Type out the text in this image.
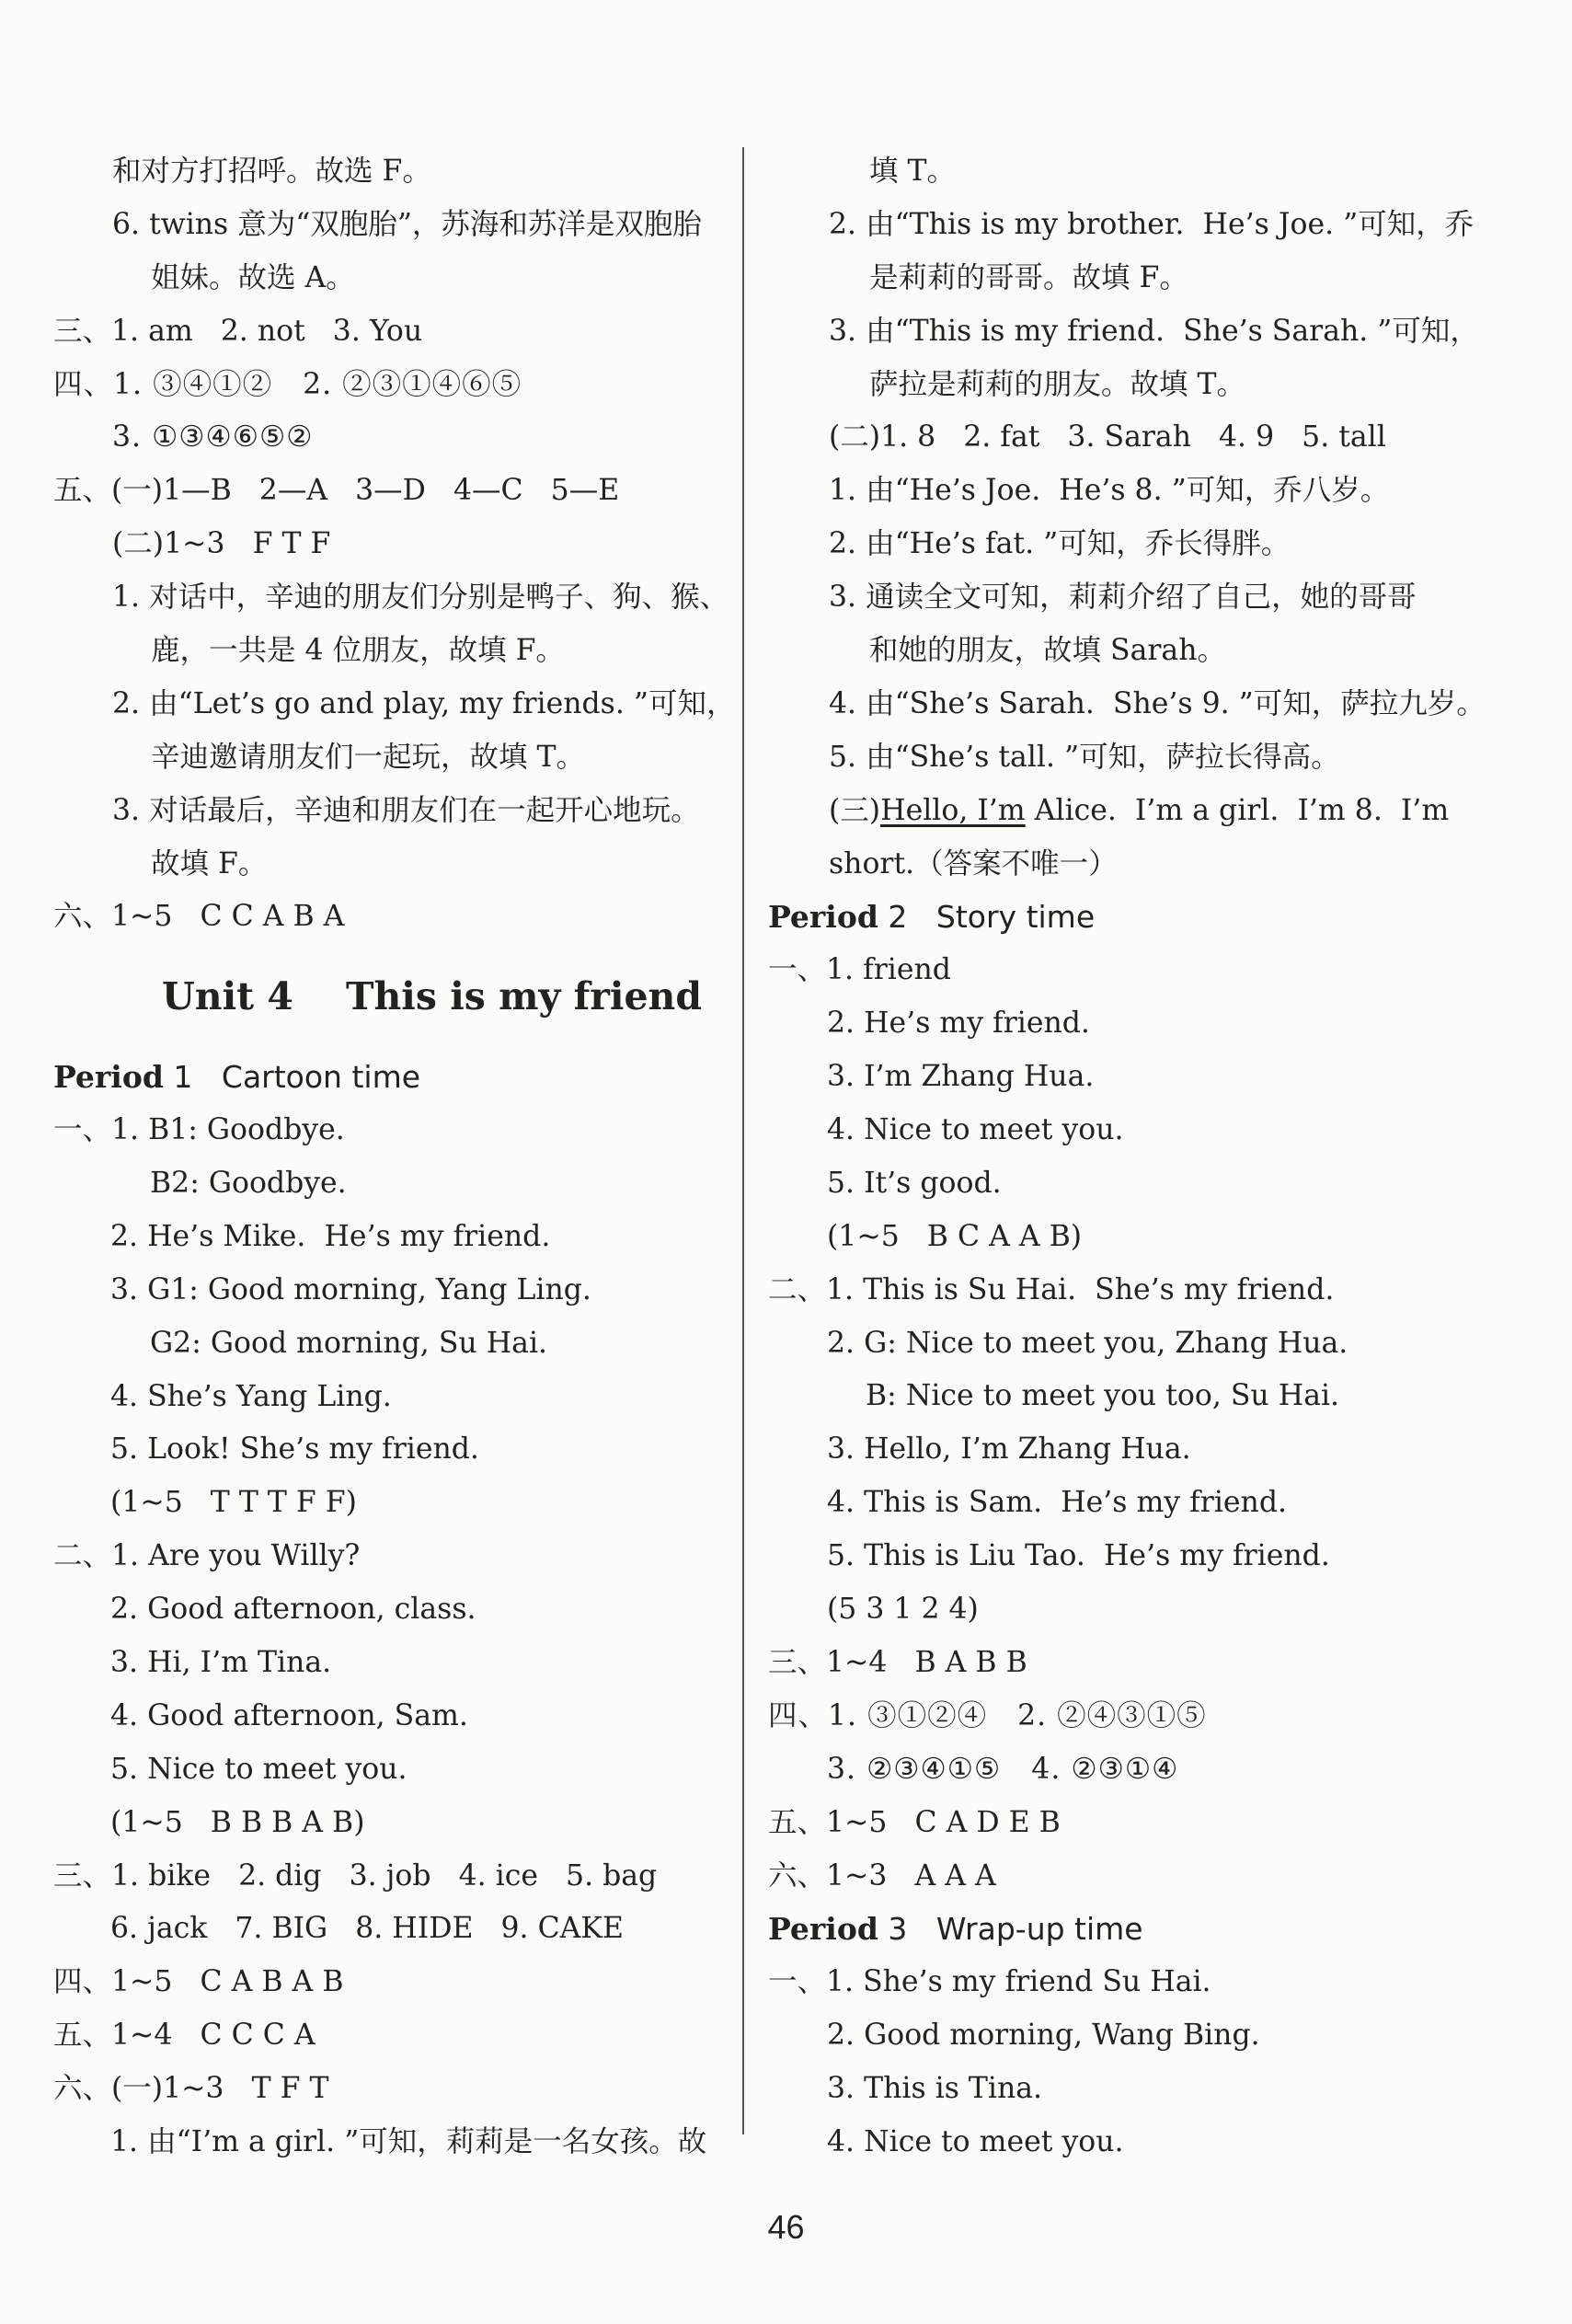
和对方打招呼。故选 F。
6. twins 意为“双胞胎”，苏海和苏洋是双胞胎
姐妹。故选 A。
三、1. am   2. not   3. You
四、1. ③④①②   2. ②③①④⑥⑤
3. ①③④⑥⑤②
五、(一)1—B   2—A   3—D   4—C   5—E
(二)1~3   F T F
1. 对话中，辛迪的朋友们分别是鸭子、狗、猴、
鹿，一共是 4 位朋友，故填 F。
2. 由“Let’s go and play, my friends. ”可知，
辛迪邀请朋友们一起玩，故填 T。
3. 对话最后，辛迪和朋友们在一起开心地玩。
故填 F。
六、1~5   C C A B A
Unit 4    This is my friend
Period 1   Cartoon time
一、1. B1: Goodbye.
B2: Goodbye.
2. He’s Mike.  He’s my friend.
3. G1: Good morning, Yang Ling.
G2: Good morning, Su Hai.
4. She’s Yang Ling.
5. Look! She’s my friend.
(1~5   T T T F F)
二、1. Are you Willy?
2. Good afternoon, class.
3. Hi, I’m Tina.
4. Good afternoon, Sam.
5. Nice to meet you.
(1~5   B B B A B)
三、1. bike   2. dig   3. job   4. ice   5. bag
6. jack   7. BIG   8. HIDE   9. CAKE
四、1~5   C A B A B
五、1~4   C C C A
六、(一)1~3   T F T
1. 由“I’m a girl. ”可知，莉莉是一名女孩。故
填 T。
2. 由“This is my brother.  He’s Joe. ”可知，乔
是莉莉的哥哥。故填 F。
3. 由“This is my friend.  She’s Sarah. ”可知，
萨拉是莉莉的朋友。故填 T。
(二)1. 8   2. fat   3. Sarah   4. 9   5. tall
1. 由“He’s Joe.  He’s 8. ”可知，乔八岁。
2. 由“He’s fat. ”可知，乔长得胖。
3. 通读全文可知，莉莉介绍了自己，她的哥哥
和她的朋友，故填 Sarah。
4. 由“She’s Sarah.  She’s 9. ”可知，萨拉九岁。
5. 由“She’s tall. ”可知，萨拉长得高。
(三)Hello, I’m Alice.  I’m a girl.  I’m 8.  I’m
short.（答案不唯一）
Period 2   Story time
一、1. friend
2. He’s my friend.
3. I’m Zhang Hua.
4. Nice to meet you.
5. It’s good.
(1~5   B C A A B)
二、1. This is Su Hai.  She’s my friend.
2. G: Nice to meet you, Zhang Hua.
B: Nice to meet you too, Su Hai.
3. Hello, I’m Zhang Hua.
4. This is Sam.  He’s my friend.
5. This is Liu Tao.  He’s my friend.
(5 3 1 2 4)
三、1~4   B A B B
四、1. ③①②④   2. ②④③①⑤
3. ②③④①⑤   4. ②③①④
五、1~5   C A D E B
六、1~3   A A A
Period 3   Wrap-up time
一、1. She’s my friend Su Hai.
2. Good morning, Wang Bing.
3. This is Tina.
4. Nice to meet you.
46
